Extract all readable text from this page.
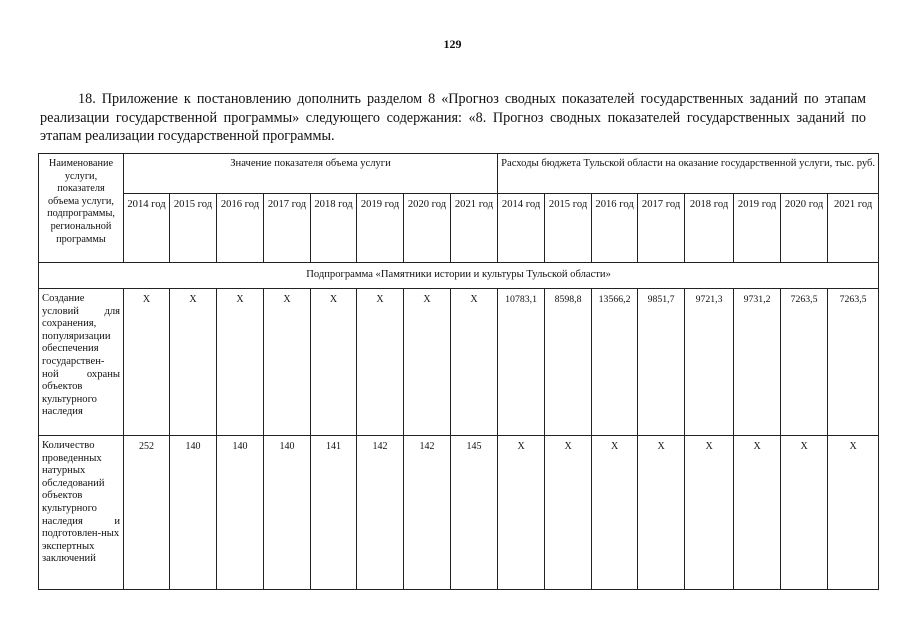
129

18. Приложение к постановлению дополнить разделом 8 «Прогноз сводных показателей государственных заданий по этапам реализации государственной программы» следующего содержания: «8. Прогноз сводных показателей государственных заданий по этапам реализации государственной программы.

Наименование услуги, показателя объема услуги, подпрограммы, региональной программы	Значение показателя объема услуги								Расходы бюджета Тульской области на оказание государственной услуги, тыс. руб.							
	2014 год	2015 год	2016 год	2017 год	2018 год	2019 год	2020 год	2021 год	2014 год	2015 год	2016 год	2017 год	2018 год	2019 год	2020 год	2021 год
Подпрограмма «Памятники истории и культуры Тульской области»																
Создание условий для сохранения, популяризации обеспечения государствен-ной охраны объектов культурного наследия	X	X	X	X	X	X	X	X	10783,1	8598,8	13566,2	9851,7	9721,3	9731,2	7263,5	7263,5
Количество проведенных натурных обследований объектов культурного наследия и подготовлен-ных экспертных заключений	252	140	140	140	141	142	142	145	X	X	X	X	X	X	X	X
